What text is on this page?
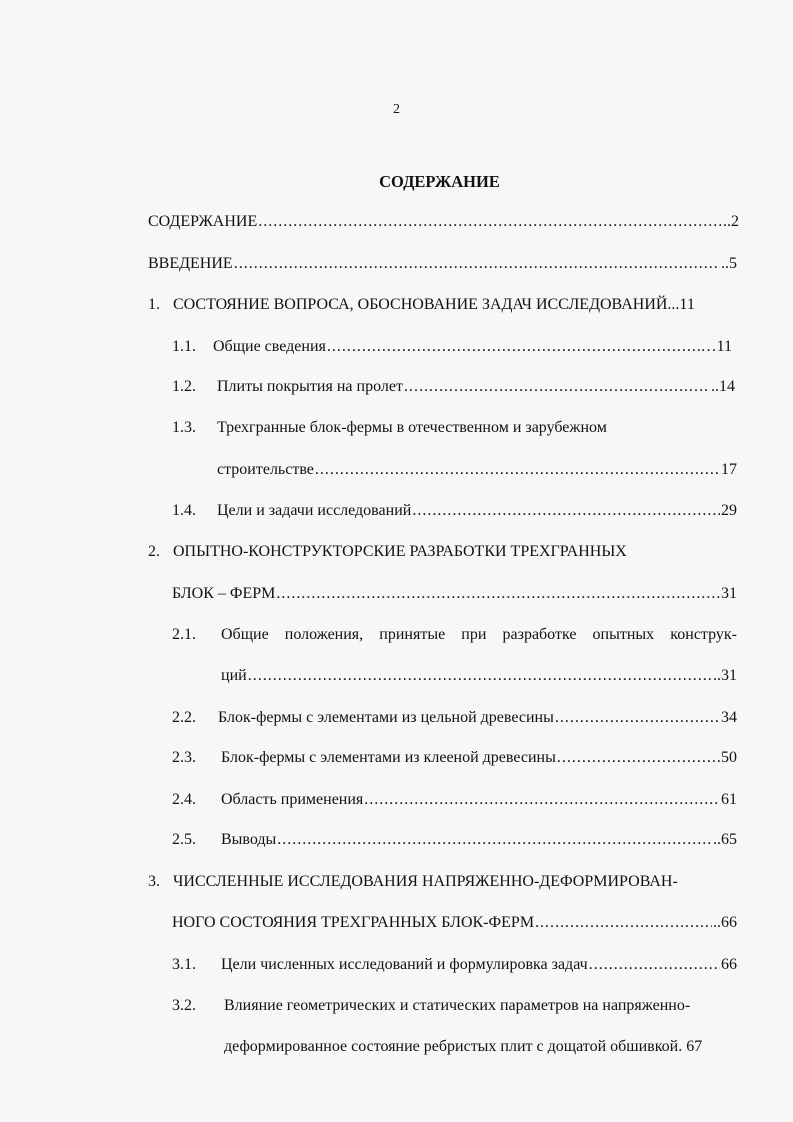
2
СОДЕРЖАНИЕ
СОДЕРЖАНИЕ .....	..2
ВВЕДЕНИЕ .....	..5
1. СОСТОЯНИЕ ВОПРОСА, ОБОСНОВАНИЕ ЗАДАЧ ИССЛЕДОВАНИЙ...11
1.1.	Общие сведения .....	…11
1.2.	Плиты покрытия на пролет .....	..14
1.3.	Трехгранные блок-фермы в отечественном и зарубежном
строительстве .....	17
1.4.	Цели и задачи исследований .....	29
2. ОПЫТНО-КОНСТРУКТОРСКИЕ РАЗРАБОТКИ ТРЕХГРАННЫХ
БЛОК – ФЕРМ .....	31
2.1.	Общие положения, принятые при разработке опытных конструк-
ций .....	..31
2.2.	Блок-фермы с элементами из цельной древесины .....	34
2.3.	Блок-фермы с элементами из клееной древесины .....	50
2.4.	Область применения .....	61
2.5.	Выводы .....	..65
3. ЧИССЛЕННЫЕ ИССЛЕДОВАНИЯ НАПРЯЖЕННО-ДЕФОРМИРОВАН-
НОГО СОСТОЯНИЯ ТРЕХГРАННЫХ БЛОК-ФЕРМ .....	..66
3.1.	Цели численных исследований и формулировка задач .....	66
3.2.	Влияние геометрических и статических параметров на напряженно-
деформированное состояние ребристых плит с дощатой обшивкой. 67
